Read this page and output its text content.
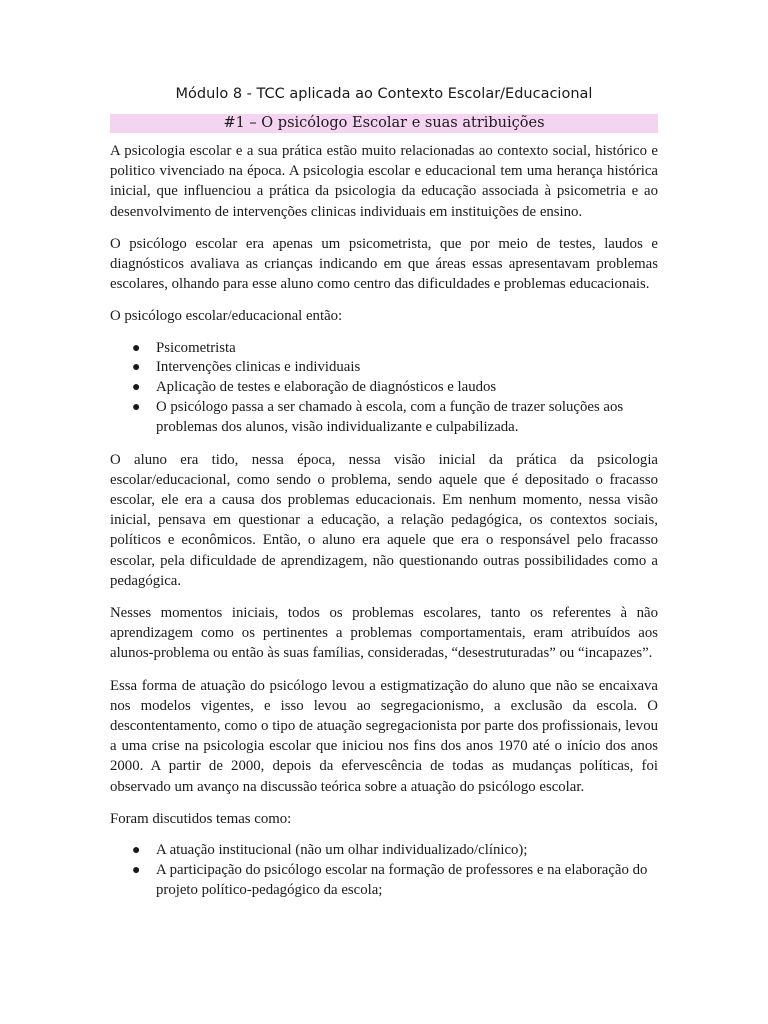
Módulo 8 - TCC aplicada ao Contexto Escolar/Educacional
#1 – O psicólogo Escolar e suas atribuições

A psicologia escolar e a sua prática estão muito relacionadas ao contexto social, histórico e politico vivenciado na época. A psicologia escolar e educacional tem uma herança histórica inicial, que influenciou a prática da psicologia da educação associada à psicometria e ao desenvolvimento de intervenções clinicas individuais em instituições de ensino.

O psicólogo escolar era apenas um psicometrista, que por meio de testes, laudos e diagnósticos avaliava as crianças indicando em que áreas essas apresentavam problemas escolares, olhando para esse aluno como centro das dificuldades e problemas educacionais.

O psicólogo escolar/educacional então:

● Psicometrista
● Intervenções clinicas e individuais
● Aplicação de testes e elaboração de diagnósticos e laudos
● O psicólogo passa a ser chamado à escola, com a função de trazer soluções aos problemas dos alunos, visão individualizante e culpabilizada.

O aluno era tido, nessa época, nessa visão inicial da prática da psicologia escolar/educacional, como sendo o problema, sendo aquele que é depositado o fracasso escolar, ele era a causa dos problemas educacionais. Em nenhum momento, nessa visão inicial, pensava em questionar a educação, a relação pedagógica, os contextos sociais, políticos e econômicos. Então, o aluno era aquele que era o responsável pelo fracasso escolar, pela dificuldade de aprendizagem, não questionando outras possibilidades como a pedagógica.

Nesses momentos iniciais, todos os problemas escolares, tanto os referentes à não aprendizagem como os pertinentes a problemas comportamentais, eram atribuídos aos alunos-problema ou então às suas famílias, consideradas, “desestruturadas” ou “incapazes”.

Essa forma de atuação do psicólogo levou a estigmatização do aluno que não se encaixava nos modelos vigentes, e isso levou ao segregacionismo, a exclusão da escola. O descontentamento, como o tipo de atuação segregacionista por parte dos profissionais, levou a uma crise na psicologia escolar que iniciou nos fins dos anos 1970 até o início dos anos 2000. A partir de 2000, depois da efervescência de todas as mudanças políticas, foi observado um avanço na discussão teórica sobre a atuação do psicólogo escolar.

Foram discutidos temas como:

● A atuação institucional (não um olhar individualizado/clínico);
● A participação do psicólogo escolar na formação de professores e na elaboração do projeto político-pedagógico da escola;
